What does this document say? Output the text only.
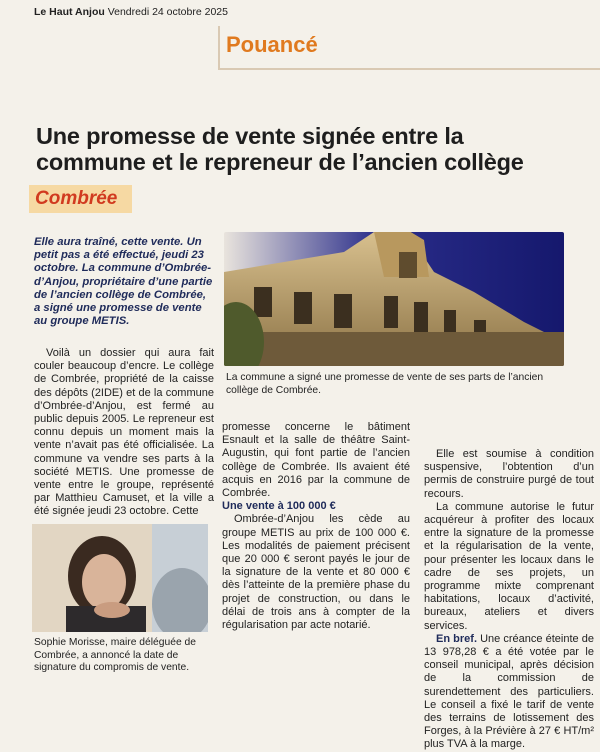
Le Haut Anjou Vendredi 24 octobre 2025
Pouancé
Une promesse de vente signée entre la commune et le repreneur de l’ancien collège
Combrée
Elle aura traîné, cette vente. Un petit pas a été effectué, jeudi 23 octobre. La commune d’Ombrée-d’Anjou, propriétaire d’une partie de l’ancien collège de Combrée, a signé une promesse de vente au groupe METIS.
La commune a signé une promesse de vente de ses parts de l’ancien collège de Combrée.

Voilà un dossier qui aura fait couler beaucoup d’encre. Le collège de Combrée, propriété de la caisse des dépôts (2IDE) et de la commune d’Ombrée-d’Anjou, est fermé au public depuis 2005. Le repreneur est connu depuis un moment mais la vente n’avait pas été officialisée. La commune va vendre ses parts à la société METIS. Une promesse de vente entre le groupe, représenté par Matthieu Camuset, et la ville a été signée jeudi 23 octobre. Cette

Sophie Morisse, maire déléguée de Combrée, a annoncé la date de signature du compromis de vente.

promesse concerne le bâtiment Esnault et la salle de théâtre Saint-Augustin, qui font partie de l’ancien collège de Combrée. Ils avaient été acquis en 2016 par la commune de Combrée.

Une vente à 100 000 €

Ombrée-d’Anjou les cède au groupe METIS au prix de 100 000 €. Les modalités de paiement précisent que 20 000 € seront payés le jour de la signature de la vente et 80 000 € dès l’atteinte de la première phase du projet de construction, ou dans le délai de trois ans à compter de la régularisation par acte notarié.

Elle est soumise à condition suspensive, l’obtention d’un permis de construire purgé de tout recours.

La commune autorise le futur acquéreur à profiter des locaux entre la signature de la promesse et la régularisation de la vente, pour présenter les locaux dans le cadre de ses projets, un programme mixte comprenant habitations, locaux d’activité, bureaux, ateliers et divers services.

En bref. Une créance éteinte de 13 978,28 € a été votée par le conseil municipal, après décision de la commission de surendettement des particuliers. Le conseil a fixé le tarif de vente des terrains de lotissement des Forges, à la Prévière à 27 € HT/m² plus TVA à la marge.
